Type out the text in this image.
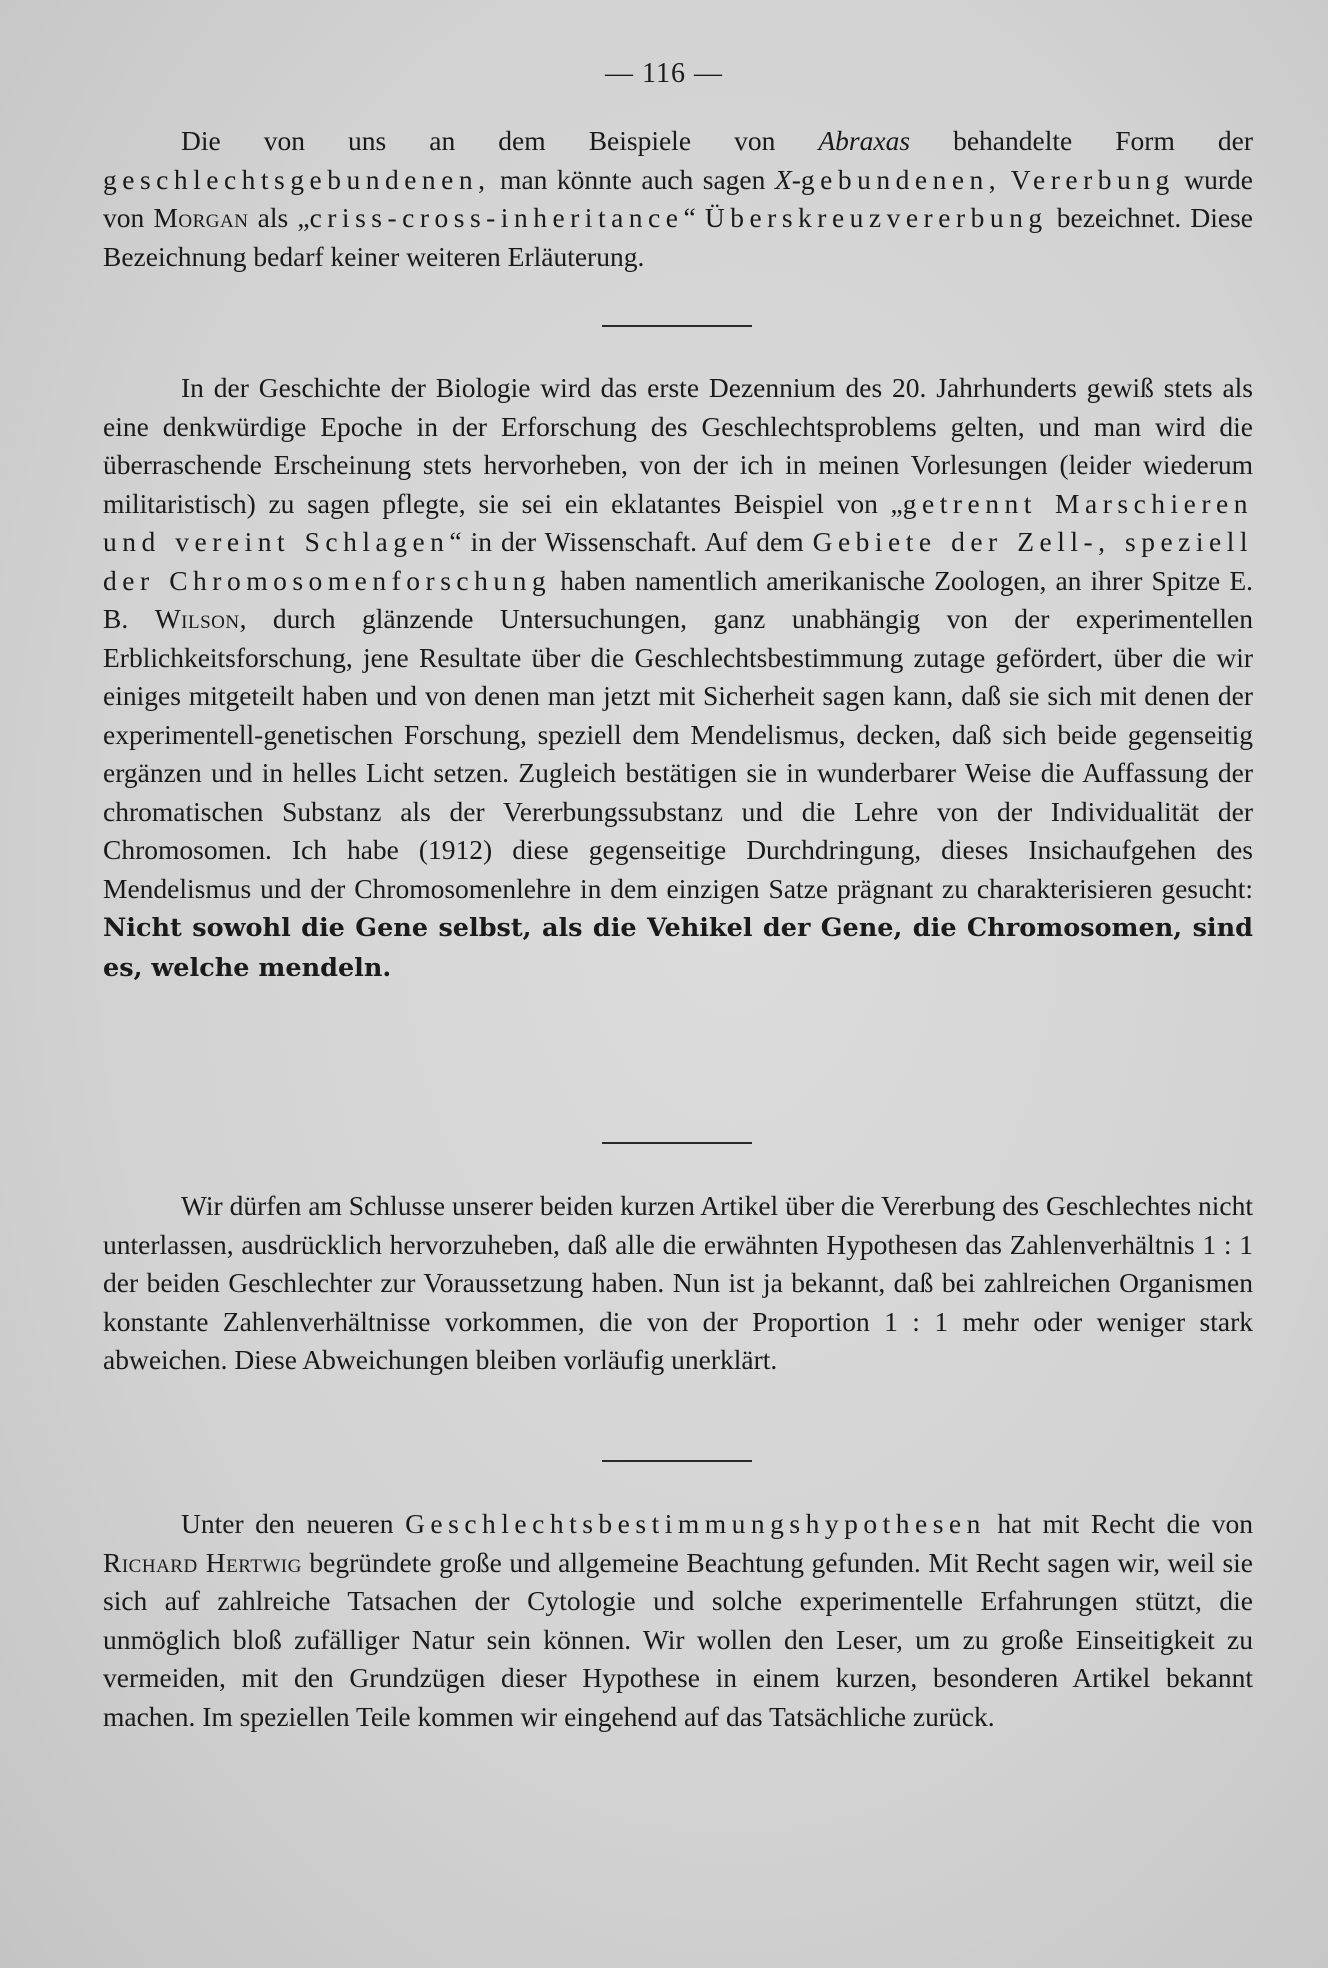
— 116 —

Die von uns an dem Beispiele von Abraxas behandelte Form der geschlechtsgebundenen, man könnte auch sagen X-gebundenen, Vererbung wurde von Morgan als „criss-cross-inheritance“ Überskreuzvererbung bezeichnet. Diese Bezeichnung bedarf keiner weiteren Erläuterung.

In der Geschichte der Biologie wird das erste Dezennium des 20. Jahrhunderts gewiß stets als eine denkwürdige Epoche in der Erforschung des Geschlechtsproblems gelten, und man wird die überraschende Erscheinung stets hervorheben, von der ich in meinen Vorlesungen (leider wiederum militaristisch) zu sagen pflegte, sie sei ein eklatantes Beispiel von „getrennt Marschieren und vereint Schlagen“ in der Wissenschaft. Auf dem Gebiete der Zell-, speziell der Chromosomenforschung haben namentlich amerikanische Zoologen, an ihrer Spitze E. B. Wilson, durch glänzende Untersuchungen, ganz unabhängig von der experimentellen Erblichkeitsforschung, jene Resultate über die Geschlechtsbestimmung zutage gefördert, über die wir einiges mitgeteilt haben und von denen man jetzt mit Sicherheit sagen kann, daß sie sich mit denen der experimentell-genetischen Forschung, speziell dem Mendelismus, decken, daß sich beide gegenseitig ergänzen und in helles Licht setzen. Zugleich bestätigen sie in wunderbarer Weise die Auffassung der chromatischen Substanz als der Vererbungssubstanz und die Lehre von der Individualität der Chromosomen. Ich habe (1912) diese gegenseitige Durchdringung, dieses Insichaufgehen des Mendelismus und der Chromosomenlehre in dem einzigen Satze prägnant zu charakterisieren gesucht: Nicht sowohl die Gene selbst, als die Vehikel der Gene, die Chromosomen, sind es, welche mendeln.

Wir dürfen am Schlusse unserer beiden kurzen Artikel über die Vererbung des Geschlechtes nicht unterlassen, ausdrücklich hervorzuheben, daß alle die erwähnten Hypothesen das Zahlenverhältnis 1 : 1 der beiden Geschlechter zur Voraussetzung haben. Nun ist ja bekannt, daß bei zahlreichen Organismen konstante Zahlenverhältnisse vorkommen, die von der Proportion 1 : 1 mehr oder weniger stark abweichen. Diese Abweichungen bleiben vorläufig unerklärt.

Unter den neueren Geschlechtsbestimmungshypothesen hat mit Recht die von Richard Hertwig begründete große und allgemeine Beachtung gefunden. Mit Recht sagen wir, weil sie sich auf zahlreiche Tatsachen der Cytologie und solche experimentelle Erfahrungen stützt, die unmöglich bloß zufälliger Natur sein können. Wir wollen den Leser, um zu große Einseitigkeit zu vermeiden, mit den Grundzügen dieser Hypothese in einem kurzen, besonderen Artikel bekannt machen. Im speziellen Teile kommen wir eingehend auf das Tatsächliche zurück.
